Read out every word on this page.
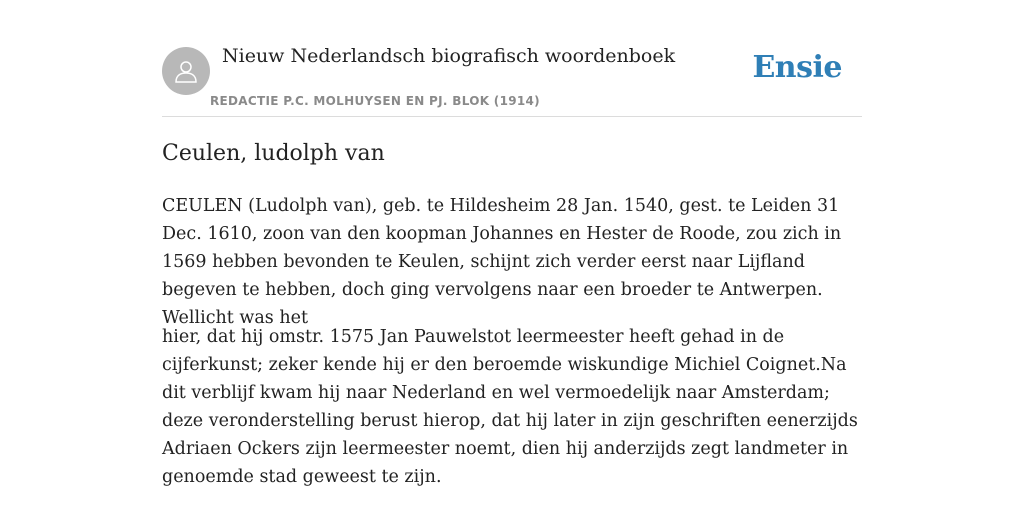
Nieuw Nederlandsch biografisch woordenboek
REDACTIE P.C. MOLHUYSEN EN PJ. BLOK (1914)
Ensie
Ceulen, ludolph van

CEULEN (Ludolph van), geb. te Hildesheim 28 Jan. 1540, gest. te Leiden 31 Dec. 1610, zoon van den koopman Johannes en Hester de Roode, zou zich in 1569 hebben bevonden te Keulen, schijnt zich verder eerst naar Lijfland begeven te hebben, doch ging vervolgens naar een broeder te Antwerpen. Wellicht was het

hier, dat hij omstr. 1575 Jan Pauwelstot leermeester heeft gehad in de cijferkunst; zeker kende hij er den beroemde wiskundige Michiel Coignet.Na dit verblijf kwam hij naar Nederland en wel vermoedelijk naar Amsterdam; deze veronderstelling berust hierop, dat hij later in zijn geschriften eenerzijds Adriaen Ockers zijn leermeester noemt, dien hij anderzijds zegt landmeter in genoemde stad geweest te zijn.
